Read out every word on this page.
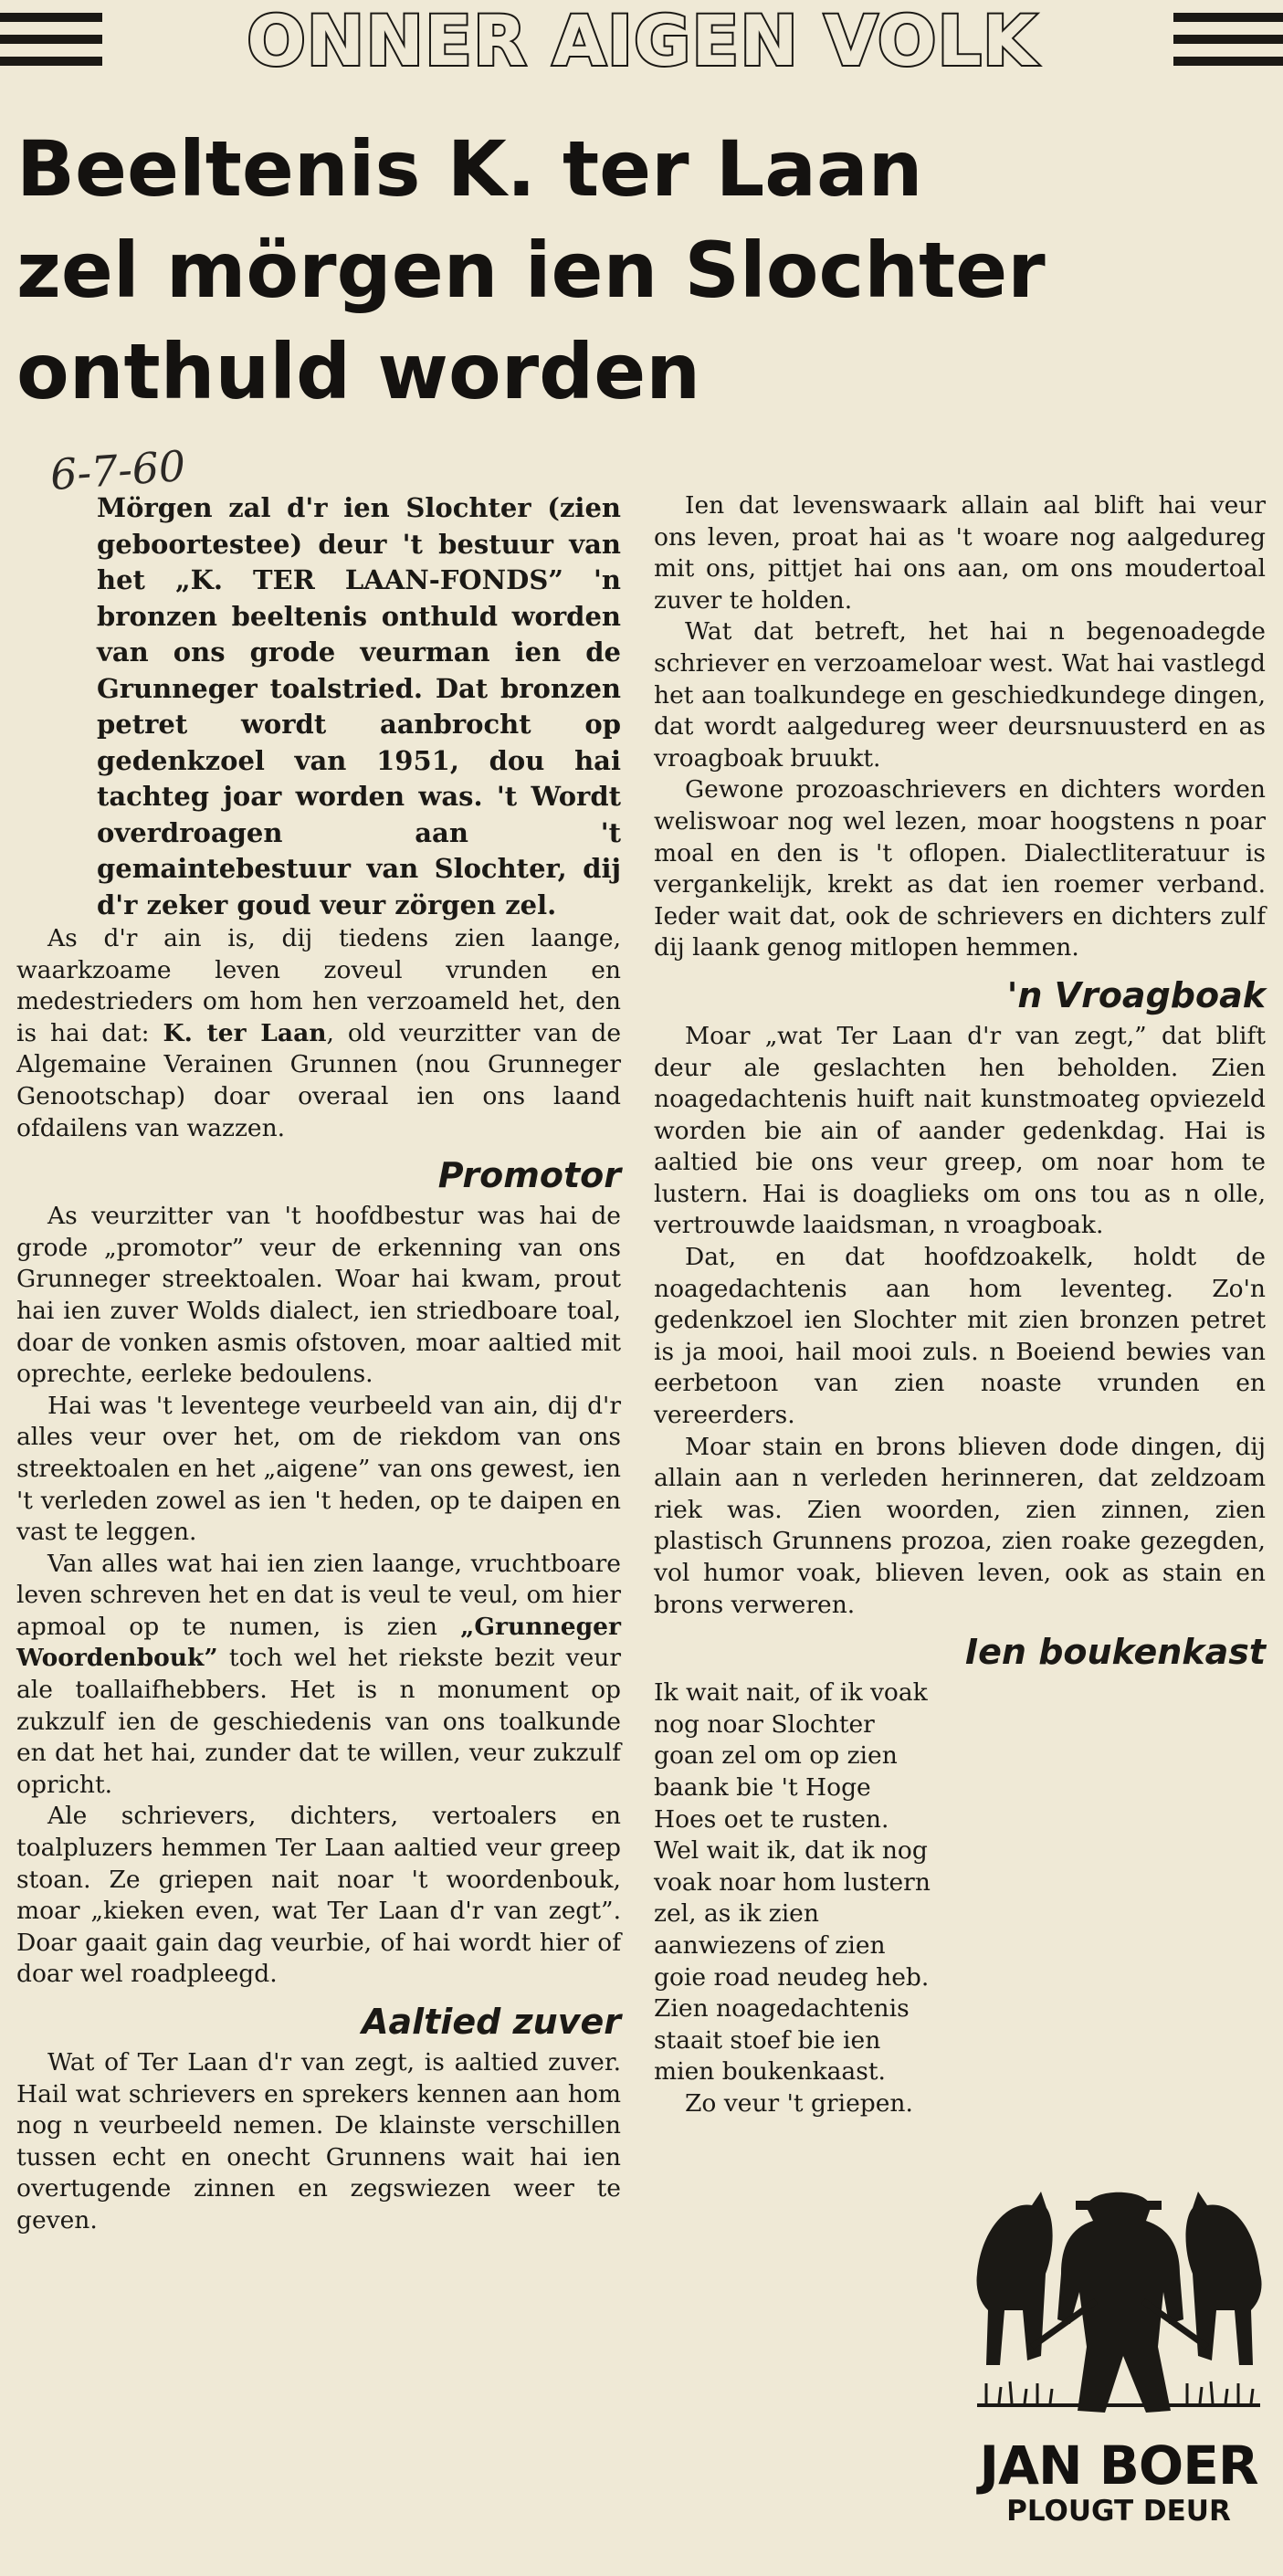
ONNER AIGEN VOLK
Beeltenis K. ter Laan
zel mörgen ien Slochter
onthuld worden
6-7-60

Mörgen zal d'r ien Slochter (zien geboortestee) deur 't bestuur van het „K. TER LAAN-FONDS” 'n bronzen beeltenis onthuld worden van ons grode veurman ien de Grunneger toalstried. Dat bronzen petret wordt aanbrocht op gedenkzoel van 1951, dou hai tachteg joar worden was. 't Wordt overdroagen aan 't gemaintebestuur van Slochter, dij d'r zeker goud veur zörgen zel.

As d'r ain is, dij tiedens zien laange, waarkzoame leven zoveul vrunden en medestrieders om hom hen verzoameld het, den is hai dat: K. ter Laan, old veurzitter van de Algemaine Verainen Grunnen (nou Grunneger Genootschap) doar overaal ien ons laand ofdailens van wazzen.

Promotor

As veurzitter van 't hoofdbestur was hai de grode „promotor” veur de erkenning van ons Grunneger streektoalen. Woar hai kwam, prout hai ien zuver Wolds dialect, ien striedboare toal, doar de vonken asmis ofstoven, moar aaltied mit oprechte, eerleke bedoulens.

Hai was 't leventege veurbeeld van ain, dij d'r alles veur over het, om de riekdom van ons streektoalen en het „aigene” van ons gewest, ien 't verleden zowel as ien 't heden, op te daipen en vast te leggen.

Van alles wat hai ien zien laange, vruchtboare leven schreven het en dat is veul te veul, om hier apmoal op te numen, is zien „Grunneger Woordenbouk” toch wel het riekste bezit veur ale toallaifhebbers. Het is n monument op zukzulf ien de geschiedenis van ons toalkunde en dat het hai, zunder dat te willen, veur zukzulf opricht.

Ale schrievers, dichters, vertoalers en toalpluzers hemmen Ter Laan aaltied veur greep stoan. Ze griepen nait noar 't woordenbouk, moar „kieken even, wat Ter Laan d'r van zegt”. Doar gaait gain dag veurbie, of hai wordt hier of doar wel roadpleegd.

Aaltied zuver

Wat of Ter Laan d'r van zegt, is aaltied zuver. Hail wat schrievers en sprekers kennen aan hom nog n veurbeeld nemen. De klainste verschillen tussen echt en onecht Grunnens wait hai ien overtugende zinnen en zegswiezen weer te geven.

Ien dat levenswaark allain aal blift hai veur ons leven, proat hai as 't woare nog aalgedureg mit ons, pittjet hai ons aan, om ons moudertoal zuver te holden.

Wat dat betreft, het hai n begenoadegde schriever en verzoameloar west. Wat hai vastlegd het aan toalkundege en geschiedkundege dingen, dat wordt aalgedureg weer deursnuusterd en as vroagboak bruukt.

Gewone prozoaschrievers en dichters worden weliswoar nog wel lezen, moar hoogstens n poar moal en den is 't oflopen. Dialectliteratuur is vergankelijk, krekt as dat ien roemer verband. Ieder wait dat, ook de schrievers en dichters zulf dij laank genog mitlopen hemmen.

'n Vroagboak

Moar „wat Ter Laan d'r van zegt,” dat blift deur ale geslachten hen beholden. Zien noagedachtenis huift nait kunstmoateg opviezeld worden bie ain of aander gedenkdag. Hai is aaltied bie ons veur greep, om noar hom te lustern. Hai is doaglieks om ons tou as n olle, vertrouwde laaidsman, n vroagboak.

Dat, en dat hoofdzoakelk, holdt de noagedachtenis aan hom leventeg. Zo'n gedenkzoel ien Slochter mit zien bronzen petret is ja mooi, hail mooi zuls. n Boeiend bewies van eerbetoon van zien noaste vrunden en vereerders.

Moar stain en brons blieven dode dingen, dij allain aan n verleden herinneren, dat zeldzoam riek was. Zien woorden, zien zinnen, zien plastisch Grunnens prozoa, zien roake gezegden, vol humor voak, blieven leven, ook as stain en brons verweren.

Ien boukenkast

Ik wait nait, of ik voak nog noar Slochter goan zel om op zien baank bie 't Hoge Hoes oet te rusten. Wel wait ik, dat ik nog voak noar hom lustern zel, as ik zien aanwiezens of zien goie road neudeg heb.

Zien noagedachtenis staait stoef bie ien mien boukenkaast.

Zo veur 't griepen.

JAN BOER
PLOUGT DEUR
